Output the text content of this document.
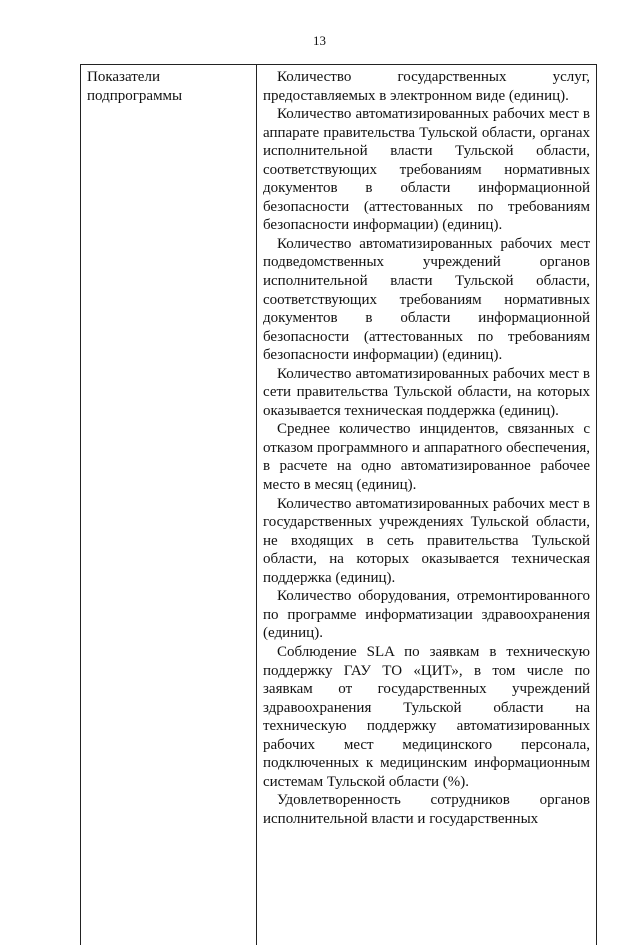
13
Показатели подпрограммы

Количество государственных услуг, предоставляемых в электронном виде (единиц).

Количество автоматизированных рабочих мест в аппарате правительства Тульской области, органах исполнительной власти Тульской области, соответствующих требованиям нормативных документов в области информационной безопасности (аттестованных по требованиям безопасности информации) (единиц).

Количество автоматизированных рабочих мест подведомственных учреждений органов исполнительной власти Тульской области, соответствующих требованиям нормативных документов в области информационной безопасности (аттестованных по требованиям безопасности информации) (единиц).

Количество автоматизированных рабочих мест в сети правительства Тульской области, на которых оказывается техническая поддержка (единиц).

Среднее количество инцидентов, связанных с отказом программного и аппаратного обеспечения, в расчете на одно автоматизированное рабочее место в месяц (единиц).

Количество автоматизированных рабочих мест в государственных учреждениях Тульской области, не входящих в сеть правительства Тульской области, на которых оказывается техническая поддержка (единиц).

Количество оборудования, отремонтированного по программе информатизации здравоохранения (единиц).

Соблюдение SLA по заявкам в техническую поддержку ГАУ ТО «ЦИТ», в том числе по заявкам от государственных учреждений здравоохранения Тульской области на техническую поддержку автоматизированных рабочих мест медицинского персонала, подключенных к медицинским информационным системам Тульской области (%).

Удовлетворенность сотрудников органов исполнительной власти и государственных
